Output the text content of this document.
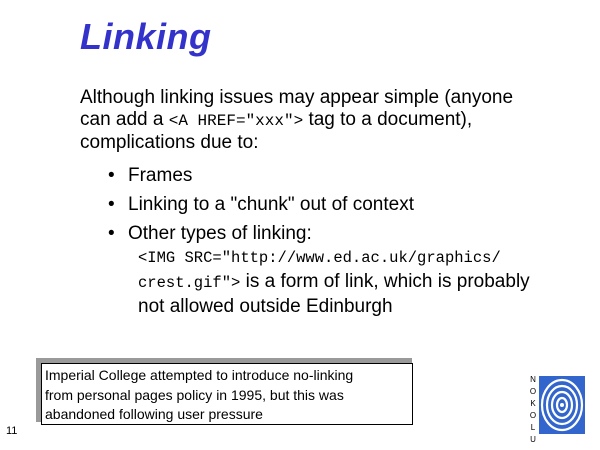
Linking
Although linking issues may appear simple (anyone
can add a <A HREF="xxx"> tag to a document),
complications due to:
• Frames
• Linking to a "chunk" out of context
• Other types of linking:
<IMG SRC="http://www.ed.ac.uk/graphics/
crest.gif"> is a form of link, which is probably
not allowed outside Edinburgh
Imperial College attempted to introduce no-linking
from personal pages policy in 1995, but this was
abandoned following user pressure
11
N
O
K
O
L
U
